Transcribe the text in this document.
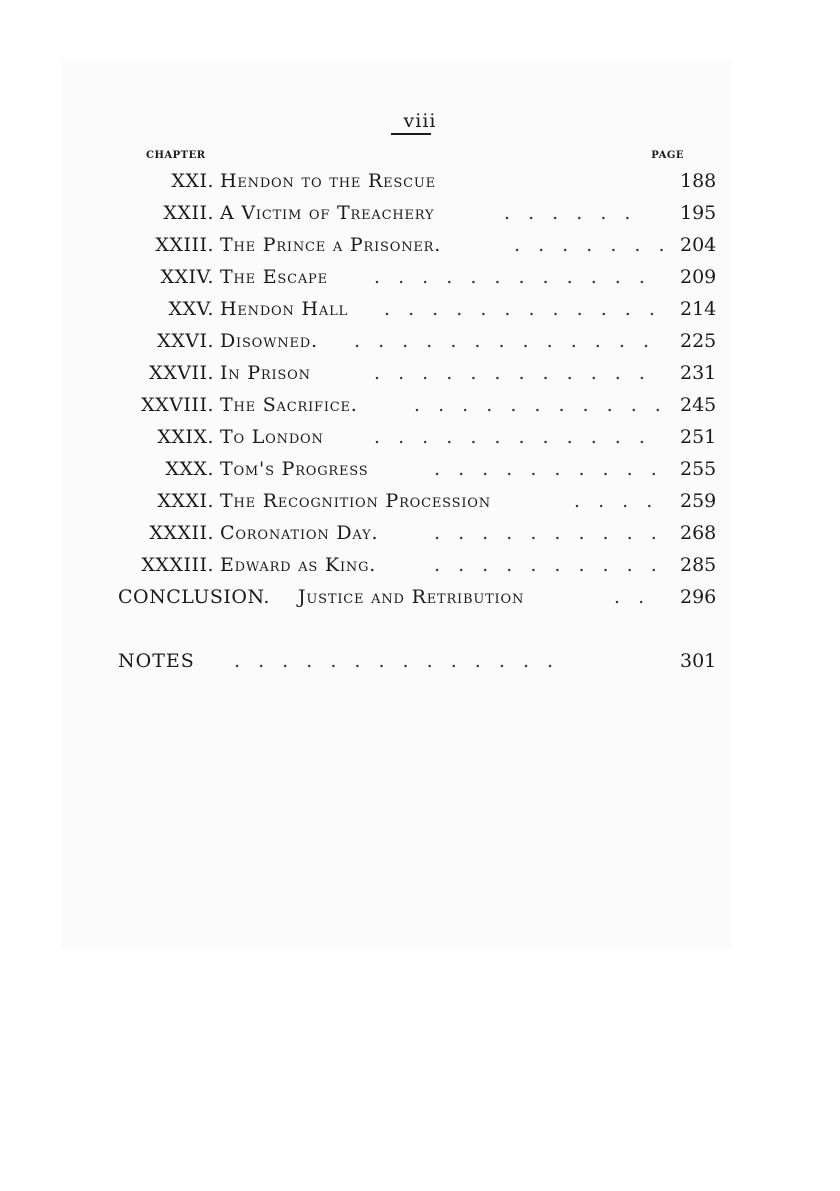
viii
CHAPTER	PAGE
XXI. Hendon to the Rescue	188
XXII. A Victim of Treachery	. . . . . .	195
XXIII. The Prince a Prisoner.	. . . . . . . 204
XXIV. The Escape . . . . . . . . . . . .	209
XXV. Hendon Hall . . . . . . . . . . . .	214
XXVI. Disowned. . . . . . . . . . . . . .	225
XXVII. In Prison	. . . . . . . . . . . .	231
XXVIII. The Sacrifice.	. . . . . . . . . . . 245
XXIX. To London	. . . . . . . . . . . .	251
XXX. Tom's Progress	. . . . . . . . . . 255
XXXI. The Recognition Procession	. . . .	259
XXXII. Coronation Day.	. . . . . . . . . . 268
XXXIII. Edward as King.	. . . . . . . . . . 285
CONCLUSION. Justice and Retribution	. .	296
NOTES . . . . . . . . . . . . . .	301
